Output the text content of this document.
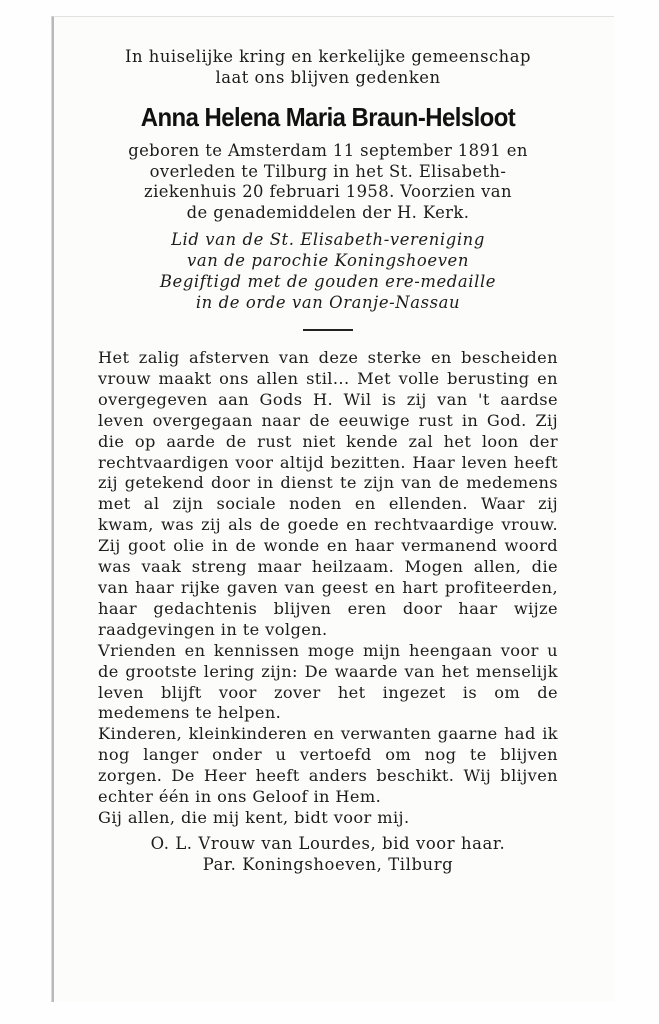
In huiselijke kring en kerkelijke gemeenschap
laat ons blijven gedenken
Anna Helena Maria Braun-Helsloot
geboren te Amsterdam 11 september 1891 en
overleden te Tilburg in het St. Elisabeth-
ziekenhuis 20 februari 1958. Voorzien van
de genademiddelen der H. Kerk.
Lid van de St. Elisabeth-vereniging
van de parochie Koningshoeven
Begiftigd met de gouden ere-medaille
in de orde van Oranje-Nassau

Het zalig afsterven van deze sterke en bescheiden vrouw maakt ons allen stil... Met volle berusting en overgegeven aan Gods H. Wil is zij van 't aardse leven overgegaan naar de eeuwige rust in God. Zij die op aarde de rust niet kende zal het loon der rechtvaardigen voor altijd bezitten. Haar leven heeft zij getekend door in dienst te zijn van de medemens met al zijn sociale noden en ellenden. Waar zij kwam, was zij als de goede en rechtvaardige vrouw. Zij goot olie in de wonde en haar vermanend woord was vaak streng maar heilzaam. Mogen allen, die van haar rijke gaven van geest en hart profiteerden, haar gedachtenis blijven eren door haar wijze raadgevingen in te volgen.

Vrienden en kennissen moge mijn heengaan voor u de grootste lering zijn: De waarde van het menselijk leven blijft voor zover het ingezet is om de medemens te helpen.

Kinderen, kleinkinderen en verwanten gaarne had ik nog langer onder u vertoefd om nog te blijven zorgen. De Heer heeft anders beschikt. Wij blijven echter één in ons Geloof in Hem.

Gij allen, die mij kent, bidt voor mij.

O. L. Vrouw van Lourdes, bid voor haar.
Par. Koningshoeven, Tilburg
